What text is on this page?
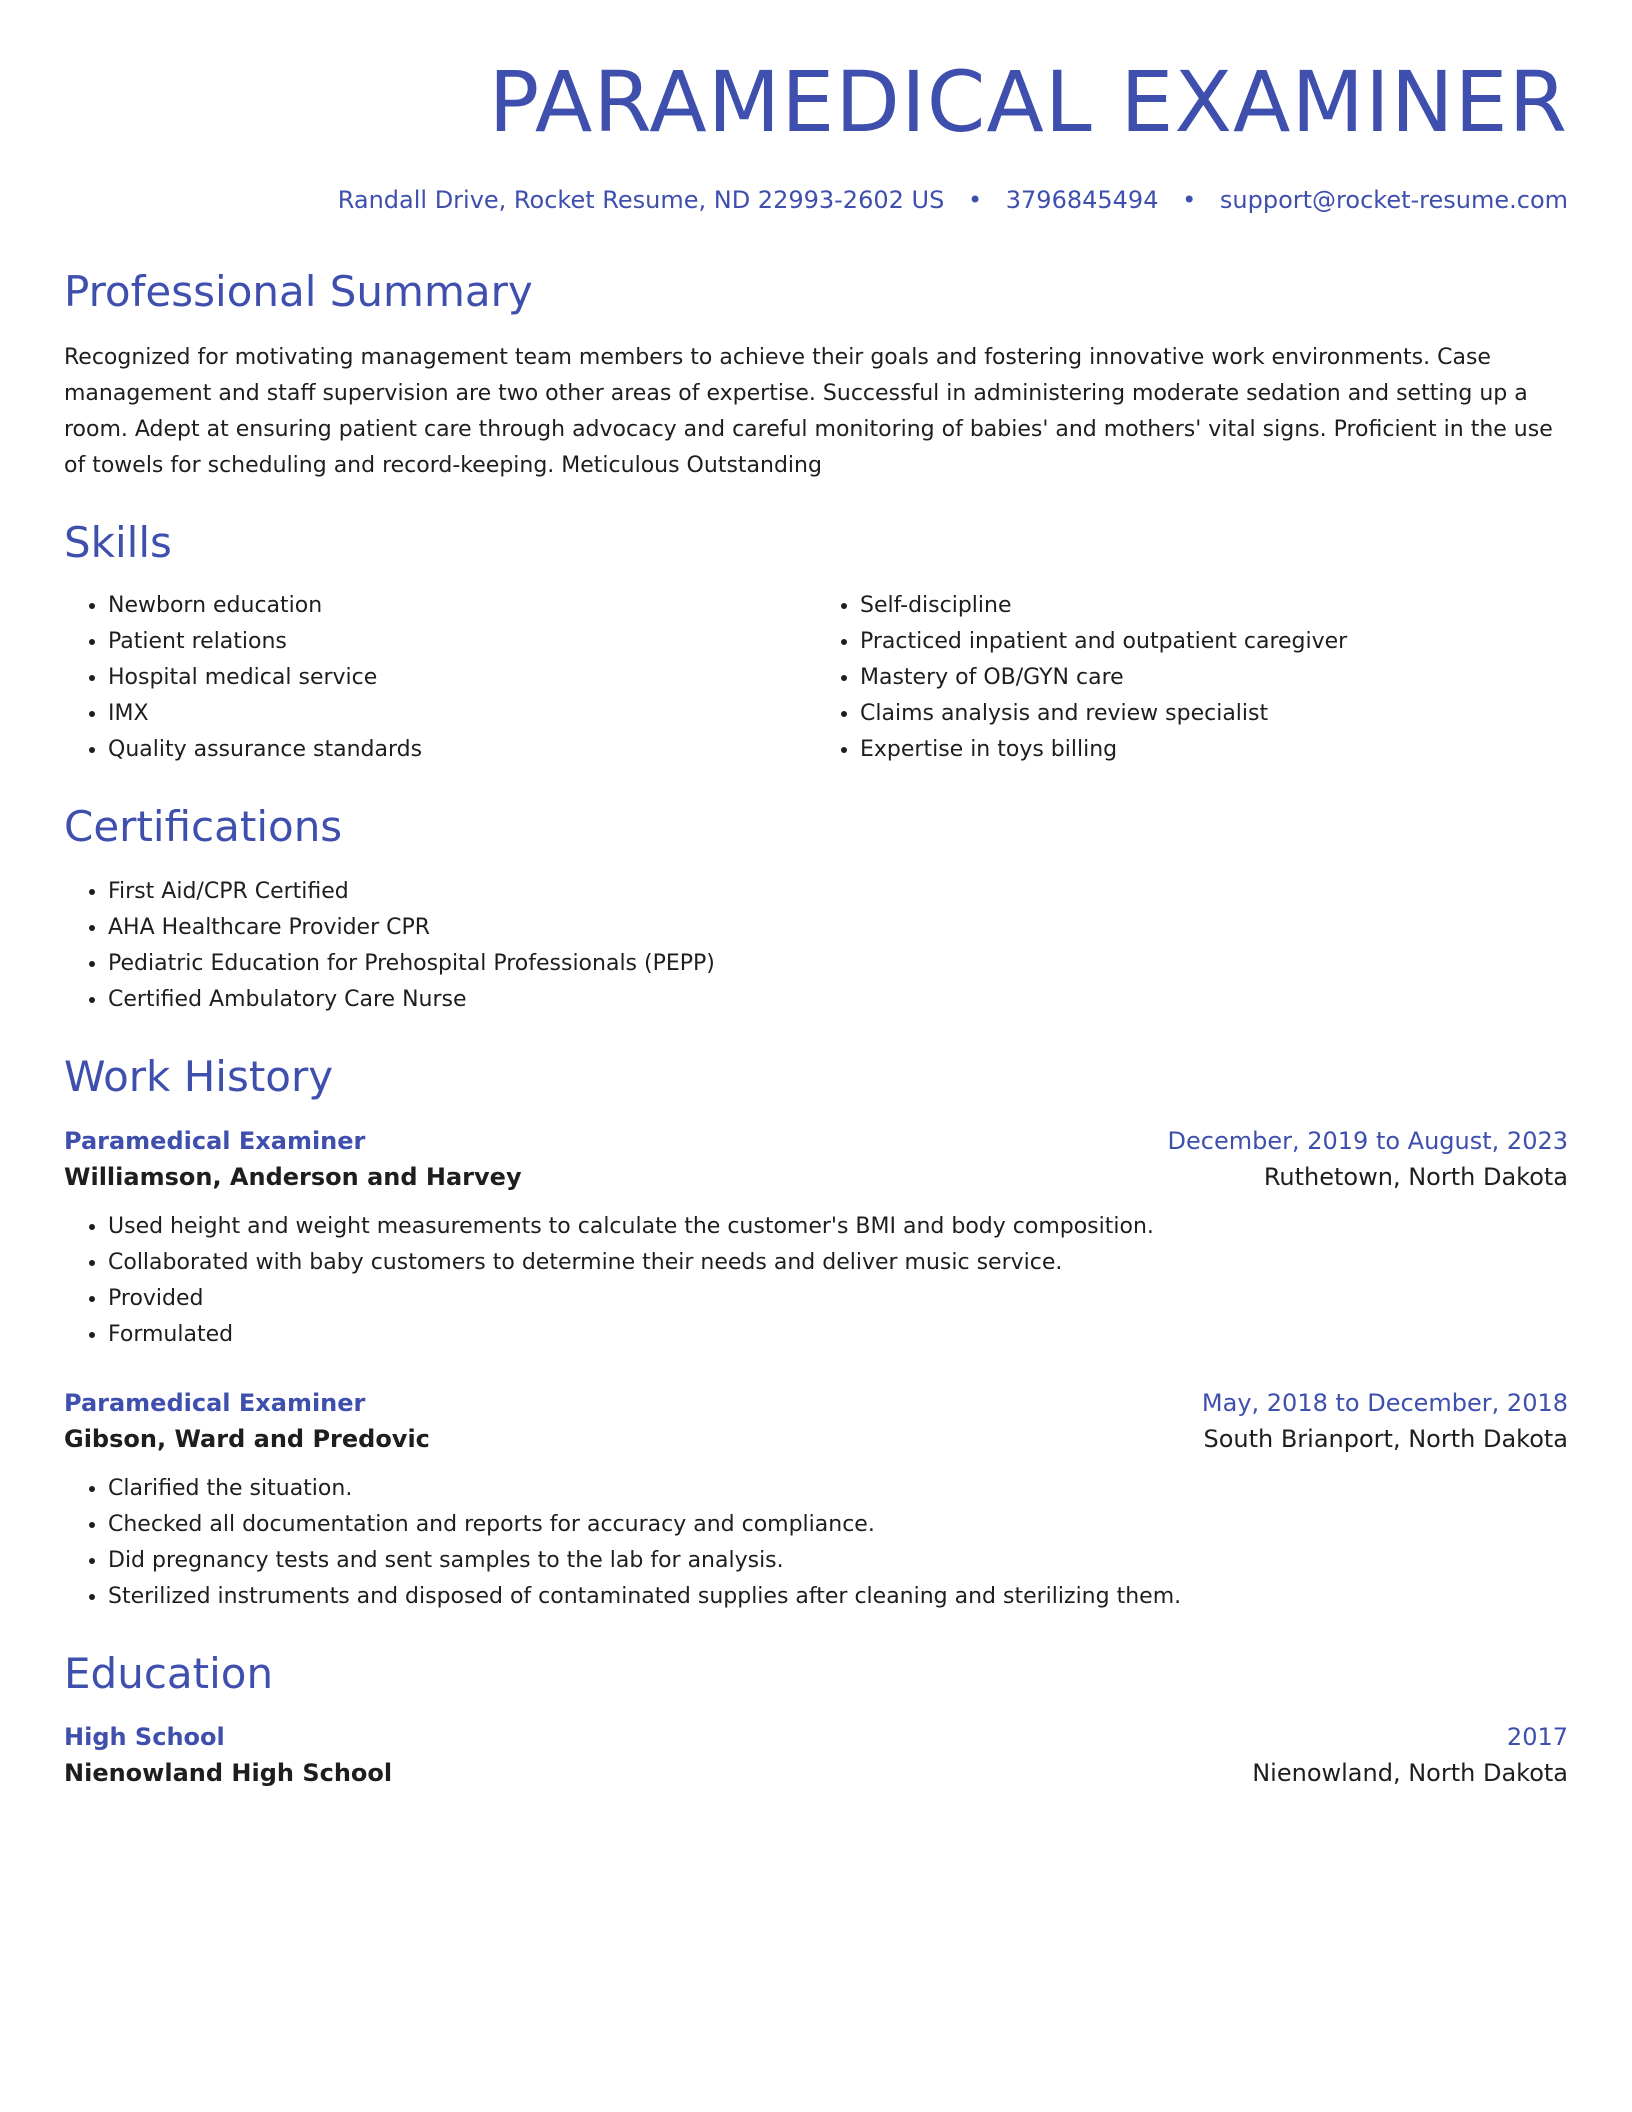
PARAMEDICAL EXAMINER
Randall Drive, Rocket Resume, ND 22993-2602 US • 3796845494 • support@rocket-resume.com
Professional Summary
Recognized for motivating management team members to achieve their goals and fostering innovative work environments. Case management and staff supervision are two other areas of expertise. Successful in administering moderate sedation and setting up a room. Adept at ensuring patient care through advocacy and careful monitoring of babies' and mothers' vital signs. Proficient in the use of towels for scheduling and record-keeping. Meticulous Outstanding
Skills
• Newborn education
• Patient relations
• Hospital medical service
• IMX
• Quality assurance standards
• Self-discipline
• Practiced inpatient and outpatient caregiver
• Mastery of OB/GYN care
• Claims analysis and review specialist
• Expertise in toys billing
Certifications
• First Aid/CPR Certified
• AHA Healthcare Provider CPR
• Pediatric Education for Prehospital Professionals (PEPP)
• Certified Ambulatory Care Nurse
Work History
Paramedical Examiner	December, 2019 to August, 2023
Williamson, Anderson and Harvey	Ruthetown, North Dakota
• Used height and weight measurements to calculate the customer's BMI and body composition.
• Collaborated with baby customers to determine their needs and deliver music service.
• Provided
• Formulated
Paramedical Examiner	May, 2018 to December, 2018
Gibson, Ward and Predovic	South Brianport, North Dakota
• Clarified the situation.
• Checked all documentation and reports for accuracy and compliance.
• Did pregnancy tests and sent samples to the lab for analysis.
• Sterilized instruments and disposed of contaminated supplies after cleaning and sterilizing them.
Education
High School	2017
Nienowland High School	Nienowland, North Dakota
